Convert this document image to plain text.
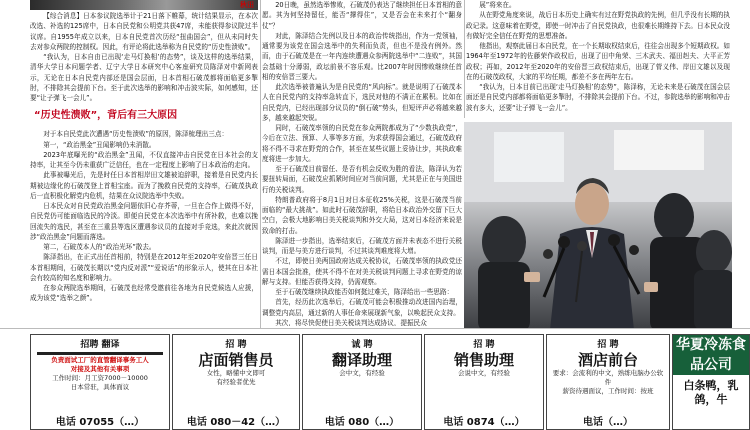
秋田

【综合消息】日本参议院选举计于21日落下帷幕，统计结果显示，在本次改选、补选的125席中，日本自民党和公明党共获47席，未能获得参议院过半议席。自1955年成立以来，日本自民党首次历经“扭曲国会”，但从未同时失去对参众两院的控制权。因此，有评论将此选举称为自民党的“历史性溃败”。

“我认为，日本自由已出现‘走马灯换相’的态势”，谈及这样的选举结果，清华大学日本问题学者、辽宁大学日本研究中心客座研究员陈泽对中新网表示，无论在日本自民党内部还是国会层面，日本首相石破茂都将面临更多掣肘，不排除其会提前下台。至于此次选举的影响和冲击波实际，如何感知，还要“让子弹飞一会儿”。

“历史性溃败”，背后有三大原因

对于本自民党此次遭遇“历史性溃败”的原因，陈泽梳理出三点：

第一，“政治黑金”丑闻影响仍未消散。

2023年底曝光的“政治黑金”丑闻，不仅直接冲击自民党在日本社会的支持率，让其至今仍未重获广泛信任，也在一定程度上影响了日本政治的走向。

此事被曝光后，先是时任日本首相岸田文雄被迫辞职，接着是自民党内长期被边缘化的石破茂登上首相宝座。而为了挽救自民党的支持率，石破茂执政后一直积极化解党内危机，结果在众议院选举中失败。

日本民众对自民党政治黑金问题依旧心存芥蒂，一旦在合作上做得不好，自民党仍可能面临选民的冷淡。即便自民党在本次选举中有所补救，也难以挽回流失的选民，甚至在三重县等选区遭遇参议员的直接对手竞选，来此次就因涉“政治黑金”问题而落选。

第二，石破茂本人的“政治光环”散去。

陈泽指出，在正式出任首相前，特别是在2012年至2020年安倍晋三任日本首相期间，石破茂长期以“党内反对派”“爱说话”的形象示人，使其在日本社会有较高的知名度和影响力。

在参众两院选举期间，石破茂也经常受邀前往各地为自民党候选人应援，成为该党“选举之颜”。

20日晚，虽然选举惨败，石破茂仍表达了继续担任日本首相的意愿。其为何坚持留任，能否“撑得住”，又是否会在未来打个“翻身仗”？

对此，陈泽结合先例以及日本的政治传统指出，作为一党领袖，通常要为该党在国会选举中的失利而负责，但也不是没有例外。然而，由于石破茂是在一年内连续遭遇众参两院选举中“二连败”，其国会基础十分薄弱，政坛前景不容乐观。比2007年时因惨败继续任首相的安倍晋三要大。

此次选举被普遍认为是自民党的“风向标”。就是说明了石破茂本人在自民党内的支持率急转直下，选民对他的不满正在累积。比如在自民党内，已经出现部分议员的“倒石破”势头，但短评声必将越来越多，越来越起突锐。

同时，石破茂率领的自民党在参众两院都成为了“少数执政党”，今后在立法、预算、人事等多方面，为求获得国会通过，石破茂政府将不得不寻求在野党的合作，甚至在某些议题上妥协让步，其执政难度将进一步加大。

至于石破茂目前留任、是否有机会反败为胜的看法，陈泽认为若要扭转局面，石破茂应抓紧时间应对当前问题，尤其是正在与美国进行的关税谈判。

特朗普政府将于8月1日对日本征收25%关税，这是石破茂当前面临的“最大挑战”。如此时石破茂辞职，将给日本政治外交留下巨大空白，会极大地影响日美关税谈判和外交大局，这对日本经济来说是致命的打击。

陈泽进一步指出，选举结束后，石破茂方面并未表态不进行关税谈判，而是与美方进行谈判，不过其谈判难度将大增。

不过，即使日美两国政府达成关税协议，石破茂率领的执政党还需日本国会批准，使其不得不在对美关税谈判问题上寻求在野党的谅解与支持。但能否获得支持，仍需观察。

至于石破茂继续执政能否如何挺过难关，陈泽给出一些思路：

首先，经历此次选举后，石破茂可能会积极推动改进国内治理，调整党内高层，通过新的人事任命来展现新气象，以唤起民众支持。

其次，将尽快促使日美关税谈判达成协议，提振民众

展”将来在。

从在野党角度来说，战后日本历史上确实有过在野党执政的先例，但几乎没有长期的执政记录。这意味着在野党，即使一时冲击了自民党执政，也很难长期维持下去。日本民众没有做好完全信任在野党的思想准备。

他指出，观察此届日本自民党，在一个长期取权结束后，往往会出现多个短期政权。如1964年至1972年的佐藤荣作政权后，出现了田中角荣、三木武夫、福田赳夫、大平正芳政权；再如，2012年至2020年的安倍晋三政权结束后，出现了菅义伟、岸田文雄以及现在的石破茂政权，大家的平均任期，都差不多在两年左右。

“我认为，日本目前已出现‘走马灯换相’的态势”，陈泽称，无论未来是石破茂在国会层面还是自民党内部都将面临更多掣肘，不排除其会提前下台。不过，参院选举的影响和冲击波有多大，还要“让子弹飞一会儿”。

招聘 翻译
负责面试工厂的直管翻译事务工人
对接及其他有关事项
工作时间：月工资7000－10000
日本常驻，具体面议
电话 07055（…）
招 聘
店面销售员
女性，略懂中文即可
有经验者优先
电话 080－42（…）
诚 聘
翻译助理
会中文，有经验
电话 080（…）
招 聘
销售助理
会说中文，有经验
电话 0874（…）
招 聘
酒店前台
要求：会流利的中文，熟练电脑办公软件
薪资待遇面议，工作时间：按班
电话（…）
华夏冷冻食品公司
白条鸭，乳鸽，牛
